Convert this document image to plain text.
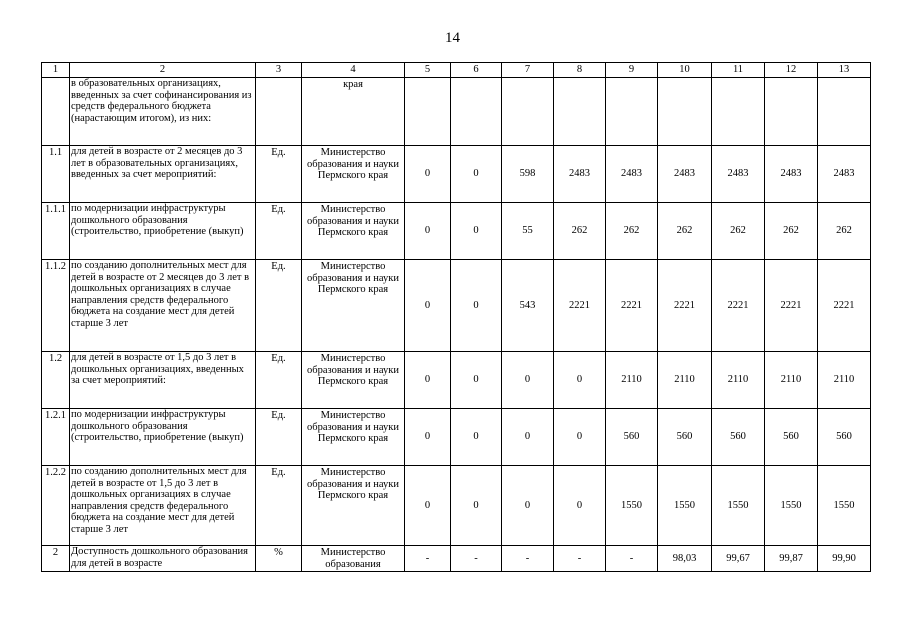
14
1	2	3	4	5	6	7	8	9	10	11	12	13
	в образовательных организациях, введенных за счет софинансирования из средств федерального бюджета (нарастающим итогом), из них:		края									
1.1	для детей в возрасте от 2 месяцев до 3 лет в образовательных организациях, введенных за счет мероприятий:	Ед.	Министерство образования и науки Пермского края	0	0	598	2483	2483	2483	2483	2483	2483
1.1.1	по модернизации инфраструктуры дошкольного образования (строительство, приобретение (выкуп)	Ед.	Министерство образования и науки Пермского края	0	0	55	262	262	262	262	262	262
1.1.2	по созданию дополнительных мест для детей в возрасте от 2 месяцев до 3 лет в дошкольных организациях в случае направления средств федерального бюджета на создание мест для детей старше 3 лет	Ед.	Министерство образования и науки Пермского края	0	0	543	2221	2221	2221	2221	2221	2221
1.2	для детей в возрасте от 1,5 до 3 лет в дошкольных организациях, введенных за счет мероприятий:	Ед.	Министерство образования и науки Пермского края	0	0	0	0	2110	2110	2110	2110	2110
1.2.1	по модернизации инфраструктуры дошкольного образования (строительство, приобретение (выкуп)	Ед.	Министерство образования и науки Пермского края	0	0	0	0	560	560	560	560	560
1.2.2	по созданию дополнительных мест для детей в возрасте от 1,5 до 3 лет в дошкольных организациях в случае направления средств федерального бюджета на создание мест для детей старше 3 лет	Ед.	Министерство образования и науки Пермского края	0	0	0	0	1550	1550	1550	1550	1550
2	Доступность дошкольного образования для детей в возрасте	%	Министерство образования	-	-	-	-	-	98,03	99,67	99,87	99,90
